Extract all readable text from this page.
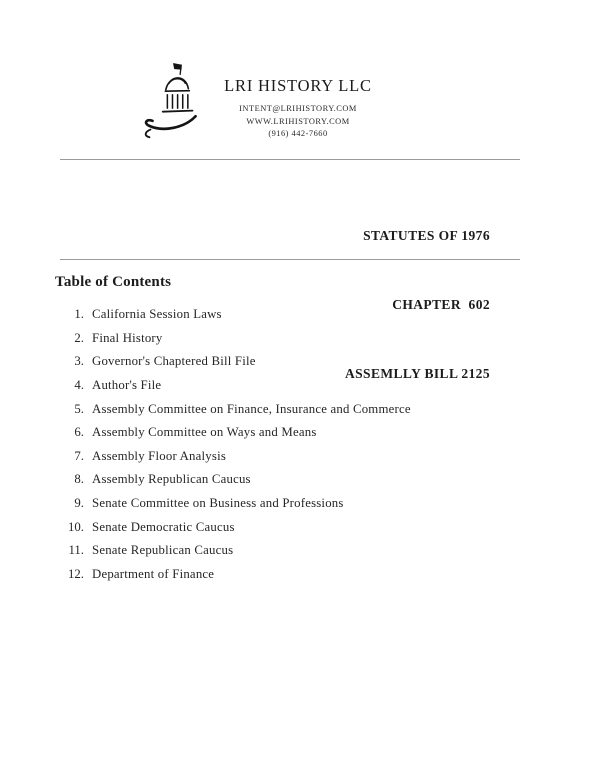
LRI HISTORY LLC
INTENT@LRIHISTORY.COM
WWW.LRIHISTORY.COM
(916) 442-7660

STATUTES OF 1976

CHAPTER  602

ASSEMLLY BILL 2125

Table of Contents
1. California Session Laws
2. Final History
3. Governor's Chaptered Bill File
4. Author's File
5. Assembly Committee on Finance, Insurance and Commerce
6. Assembly Committee on Ways and Means
7. Assembly Floor Analysis
8. Assembly Republican Caucus
9. Senate Committee on Business and Professions
10. Senate Democratic Caucus
11. Senate Republican Caucus
12. Department of Finance
